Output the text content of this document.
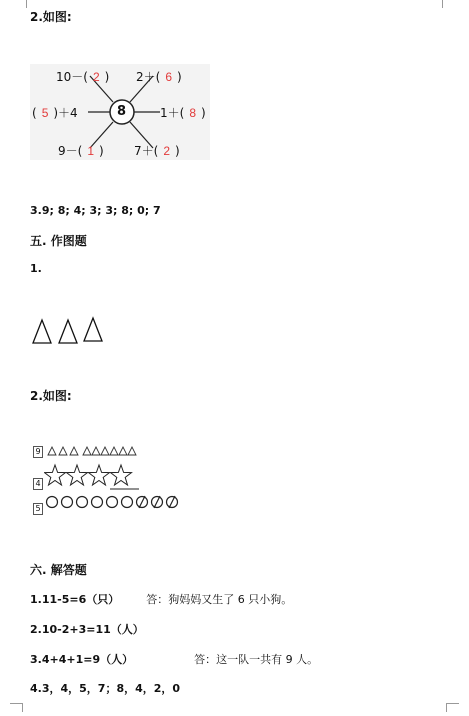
2.如图:
8
10－( 2 ) 2＋( 6 )
( 5 )＋4	1＋( 8 )
9－( 1 )	7＋( 2 )
3.9; 8; 4; 3; 3; 8; 0; 7
五. 作图题
1.
2.如图:
9
4
5
六. 解答题
1.11-5=6（只） 答：狗妈妈又生了 6 只小狗。
2.10-2+3=11（人）
3.4+4+1=9（人）	答：这一队一共有 9 人。
4.3，4，5，7；8，4，2，0
